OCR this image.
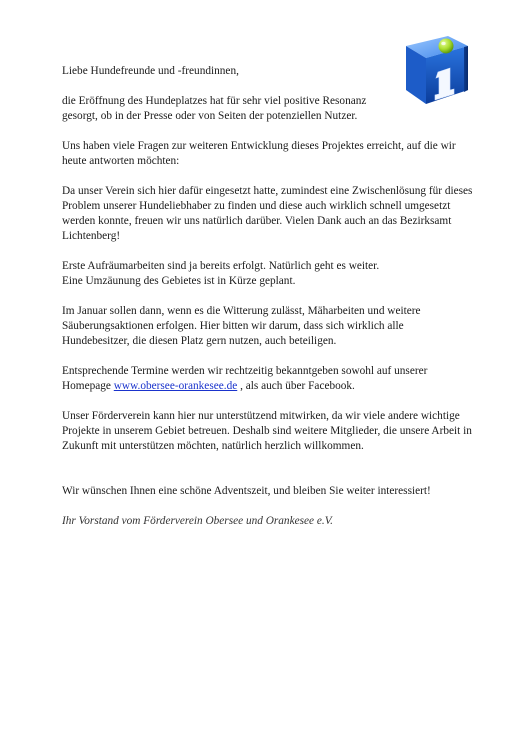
Liebe Hundefreunde und -freundinnen,

die Eröffnung des Hundeplatzes hat für sehr viel positive Resonanz
gesorgt, ob in der Presse oder von Seiten der potenziellen Nutzer.

Uns haben viele Fragen zur weiteren Entwicklung dieses Projektes erreicht, auf die wir heute antworten möchten:

Da unser Verein sich hier dafür eingesetzt hatte, zumindest eine Zwischenlösung für dieses Problem unserer Hundeliebhaber zu finden und diese auch wirklich schnell umgesetzt werden konnte, freuen wir uns natürlich darüber. Vielen Dank auch an das Bezirksamt Lichtenberg!

Erste Aufräumarbeiten sind ja bereits erfolgt. Natürlich geht es weiter.
Eine Umzäunung des Gebietes ist in Kürze geplant.

Im Januar sollen dann, wenn es die Witterung zulässt, Mäharbeiten und weitere Säuberungsaktionen erfolgen. Hier bitten wir darum, dass sich wirklich alle Hundebesitzer, die diesen Platz gern nutzen, auch beteiligen.

Entsprechende Termine werden wir rechtzeitig bekanntgeben sowohl auf unserer Homepage www.obersee-orankesee.de , als auch über Facebook.

Unser Förderverein kann hier nur unterstützend mitwirken, da wir viele andere wichtige Projekte in unserem Gebiet betreuen. Deshalb sind weitere Mitglieder, die unsere Arbeit in Zukunft mit unterstützen möchten, natürlich herzlich willkommen.

Wir wünschen Ihnen eine schöne Adventszeit, und bleiben Sie weiter interessiert!

Ihr Vorstand vom Förderverein Obersee und Orankesee e.V.
